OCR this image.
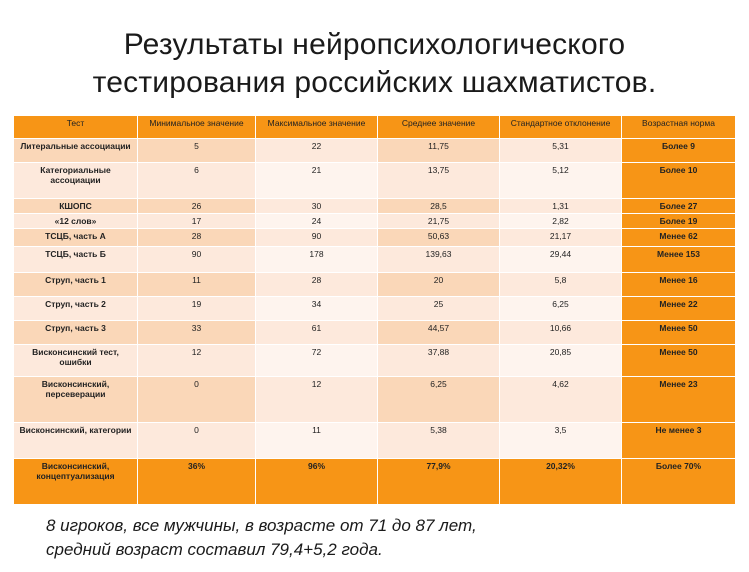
Результаты нейропсихологического
тестирования российских шахматистов.
Тест	Минимальное значение	Максимальное значение	Среднее значение	Стандартное отклонение	Возрастная норма
Литеральные ассоциации	5	22	11,75	5,31	Более 9
Категориальные ассоциации	6	21	13,75	5,12	Более 10
КШОПС	26	30	28,5	1,31	Более 27
«12 слов»	17	24	21,75	2,82	Более 19
ТСЦБ, часть А	28	90	50,63	21,17	Менее 62
ТСЦБ, часть Б	90	178	139,63	29,44	Менее 153
Струп, часть 1	11	28	20	5,8	Менее 16
Струп, часть 2	19	34	25	6,25	Менее 22
Струп, часть 3	33	61	44,57	10,66	Менее 50
Висконсинский тест, ошибки	12	72	37,88	20,85	Менее 50
Висконсинский, персеверации	0	12	6,25	4,62	Менее 23
Висконсинский, категории	0	11	5,38	3,5	Не менее 3
Висконсинский, концептуализация	36%	96%	77,9%	20,32%	Более 70%
8 игроков, все мужчины, в возрасте от 71 до 87 лет,
средний возраст составил 79,4+5,2 года.
